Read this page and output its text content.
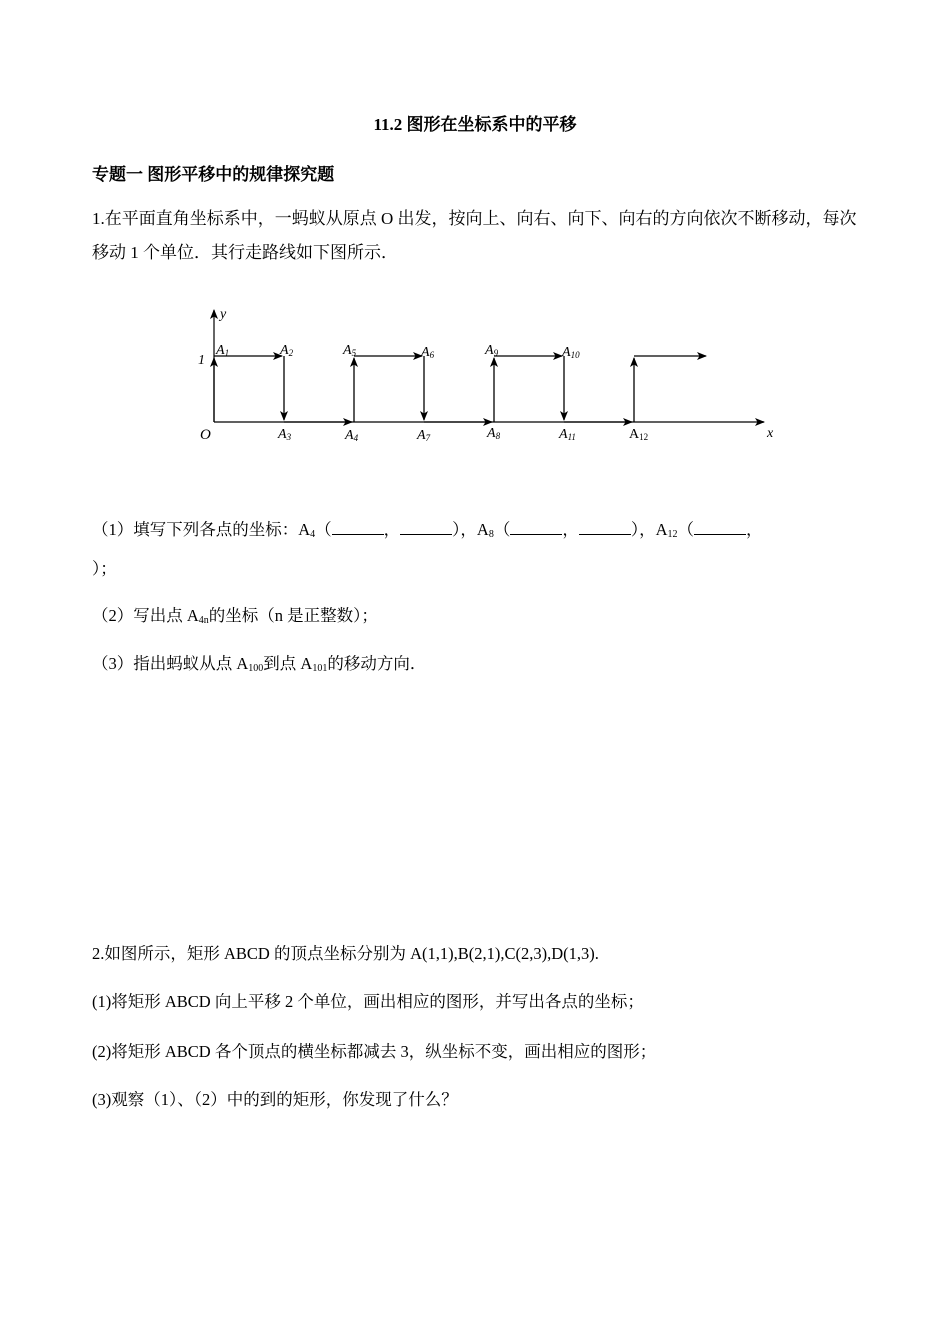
11.2 图形在坐标系中的平移
专题一 图形平移中的规律探究题
1.在平面直角坐标系中，一蚂蚁从原点 O 出发，按向上、向右、向下、向右的方向依次不断移动，每次移动 1 个单位．其行走路线如下图所示．
x
y
O
1
A1	A2	A5	A6	A9	A10
A3	A4	A7	A8	A11	A12
（1）填写下列各点的坐标：$A_4$（	，	），$A_8$（	，	），$A_{12}$（	，
）；
（2）写出点 $A_{4n}$的坐标（n 是正整数）；
（3）指出蚂蚁从点 $A_{100}$到点 $A_{101}$的移动方向．
2.如图所示，矩形 ABCD 的顶点坐标分别为 A(1,1),B(2,1),C(2,3),D(1,3).
(1)将矩形 ABCD 向上平移 2 个单位，画出相应的图形，并写出各点的坐标；
(2)将矩形 ABCD 各个顶点的横坐标都减去 3，纵坐标不变，画出相应的图形；
(3)观察（1）、（2）中的到的矩形，你发现了什么？
